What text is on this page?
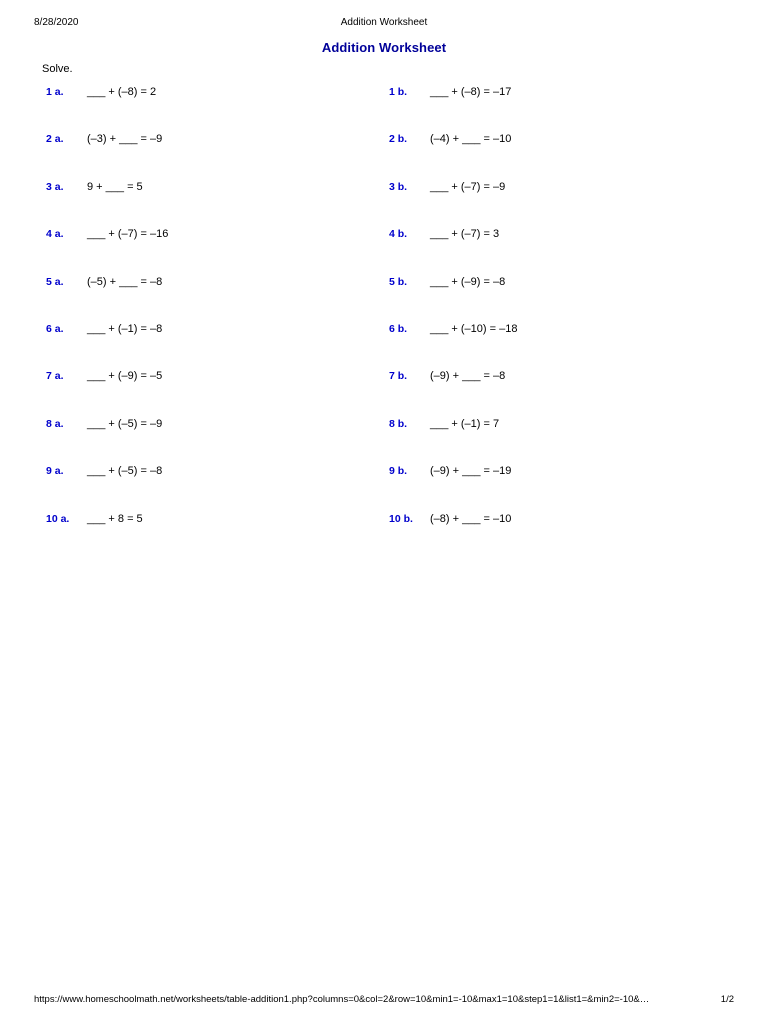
8/28/2020	Addition Worksheet
Addition Worksheet
Solve.
1 a. ___ + (–8) = 2	1 b. ___ + (–8) = –17
2 a. (–3) + ___ = –9	2 b. (–4) + ___ = –10
3 a. 9 + ___ = 5	3 b. ___ + (–7) = –9
4 a. ___ + (–7) = –16	4 b. ___ + (–7) = 3
5 a. (–5) + ___ = –8	5 b. ___ + (–9) = –8
6 a. ___ + (–1) = –8	6 b. ___ + (–10) = –18
7 a. ___ + (–9) = –5	7 b. (–9) + ___ = –8
8 a. ___ + (–5) = –9	8 b. ___ + (–1) = 7
9 a. ___ + (–5) = –8	9 b. (–9) + ___ = –19
10 a. ___ + 8 = 5	10 b. (–8) + ___ = –10
https://www.homeschoolmath.net/worksheets/table-addition1.php?columns=0&col=2&row=10&min1=-10&max1=10&step1=1&list1=&min2=-10&…	1/2
